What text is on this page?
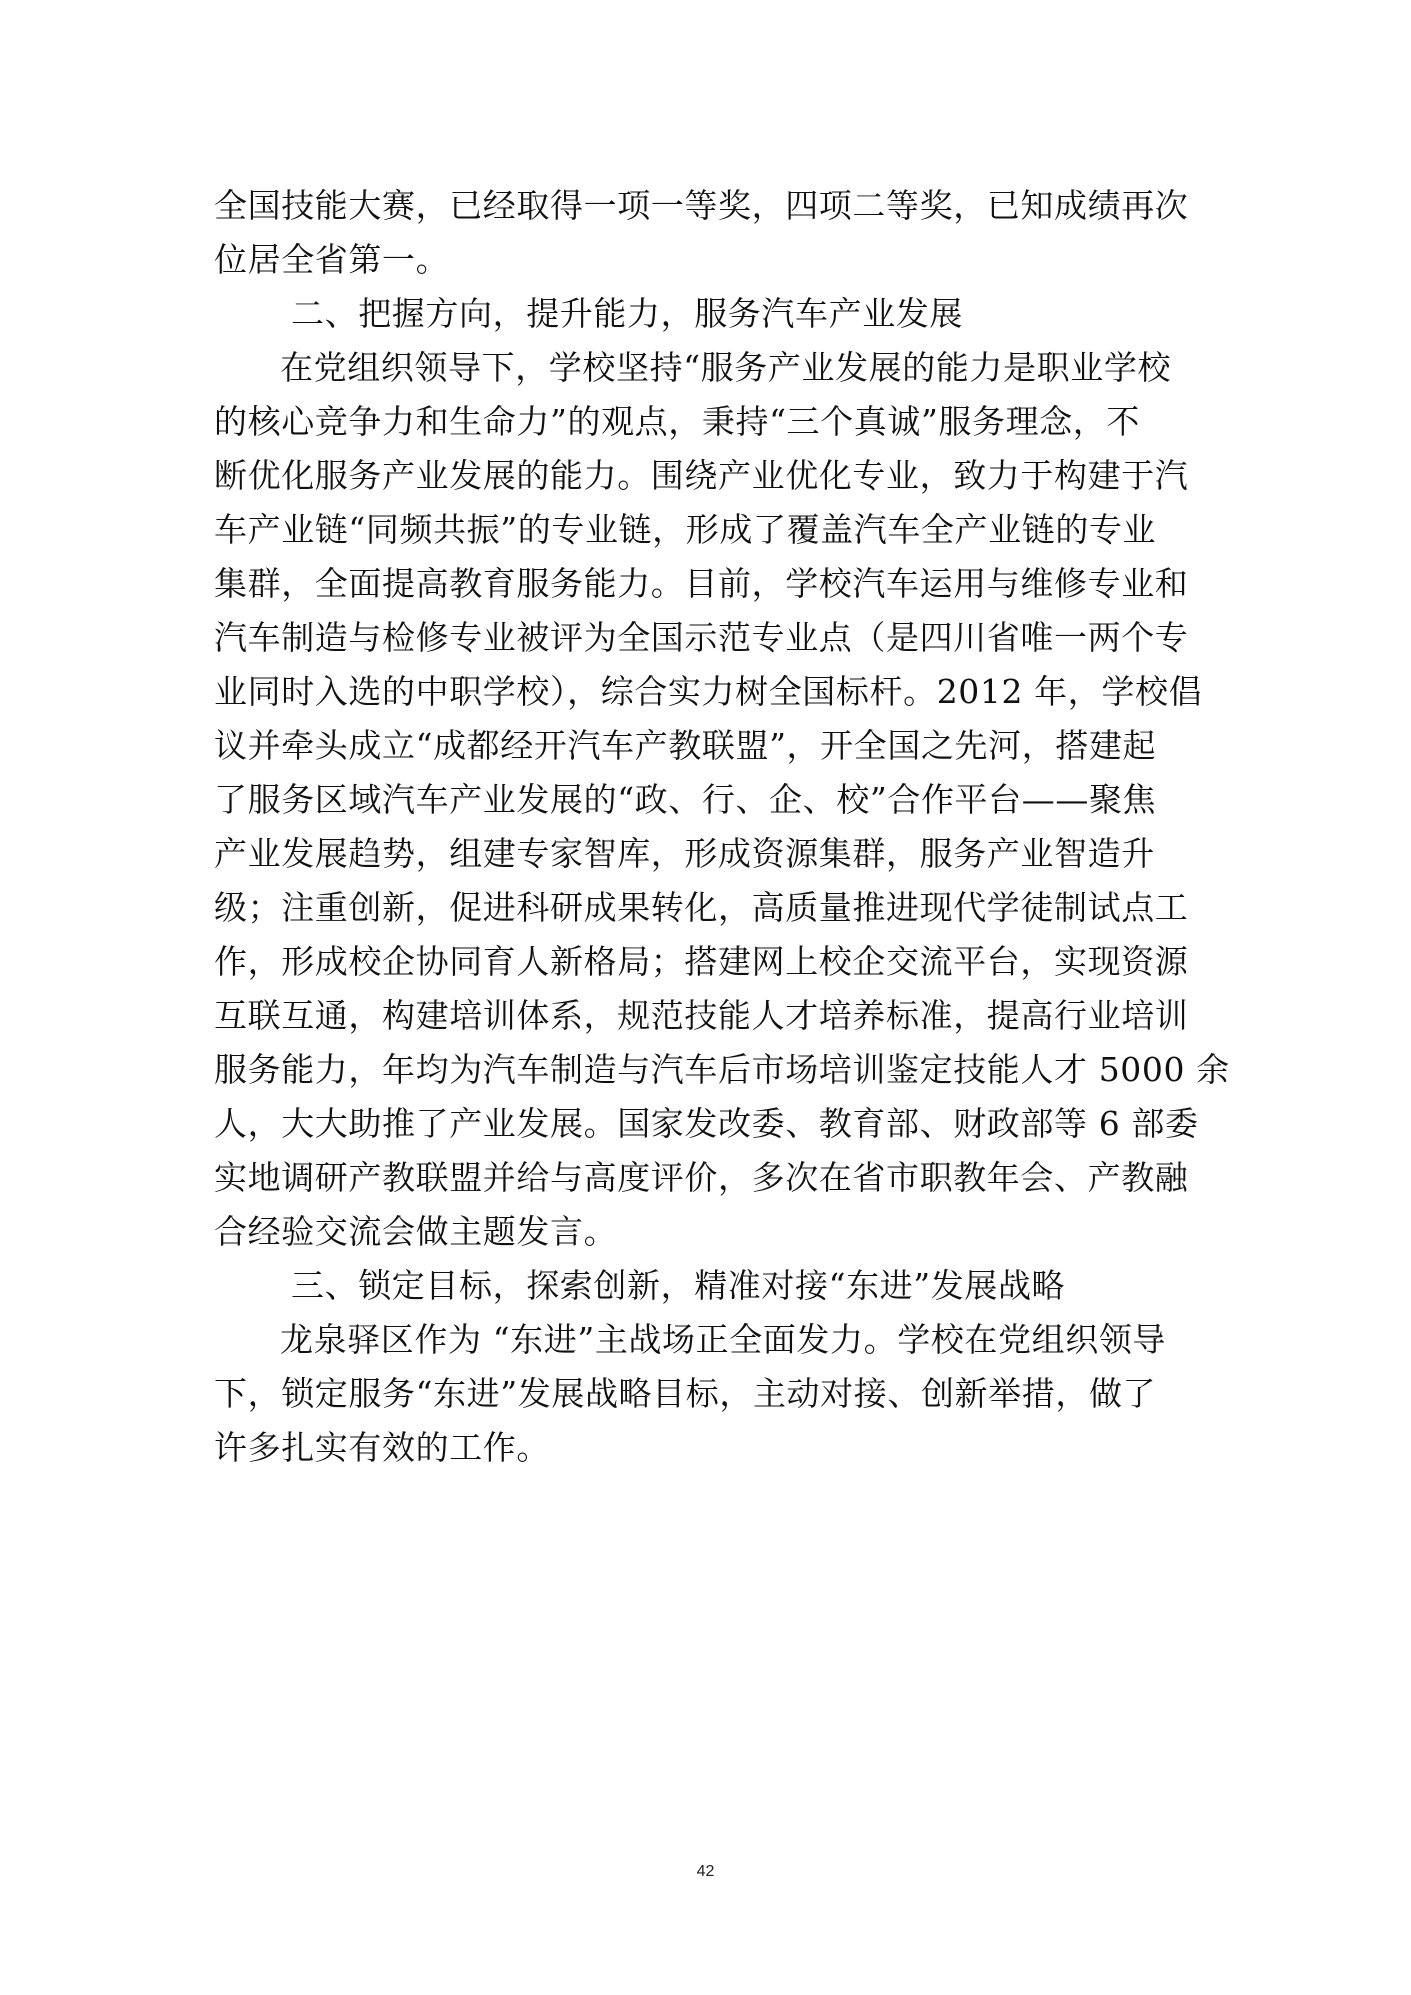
全国技能大赛，已经取得一项一等奖，四项二等奖，已知成绩再次
位居全省第一。
二、把握方向，提升能力，服务汽车产业发展
在党组织领导下，学校坚持“服务产业发展的能力是职业学校
的核心竞争力和生命力”的观点，秉持“三个真诚”服务理念，不
断优化服务产业发展的能力。围绕产业优化专业，致力于构建于汽
车产业链“同频共振”的专业链，形成了覆盖汽车全产业链的专业
集群，全面提高教育服务能力。目前，学校汽车运用与维修专业和
汽车制造与检修专业被评为全国示范专业点（是四川省唯一两个专
业同时入选的中职学校），综合实力树全国标杆。2012 年，学校倡
议并牵头成立“成都经开汽车产教联盟”，开全国之先河，搭建起
了服务区域汽车产业发展的“政、行、企、校”合作平台——聚焦
产业发展趋势，组建专家智库，形成资源集群，服务产业智造升
级；注重创新，促进科研成果转化，高质量推进现代学徒制试点工
作，形成校企协同育人新格局；搭建网上校企交流平台，实现资源
互联互通，构建培训体系，规范技能人才培养标准，提高行业培训
服务能力，年均为汽车制造与汽车后市场培训鉴定技能人才 5000 余
人，大大助推了产业发展。国家发改委、教育部、财政部等 6 部委
实地调研产教联盟并给与高度评价，多次在省市职教年会、产教融
合经验交流会做主题发言。
三、锁定目标，探索创新，精准对接“东进”发展战略
龙泉驿区作为 “东进”主战场正全面发力。学校在党组织领导
下，锁定服务“东进”发展战略目标，主动对接、创新举措，做了
许多扎实有效的工作。
42
